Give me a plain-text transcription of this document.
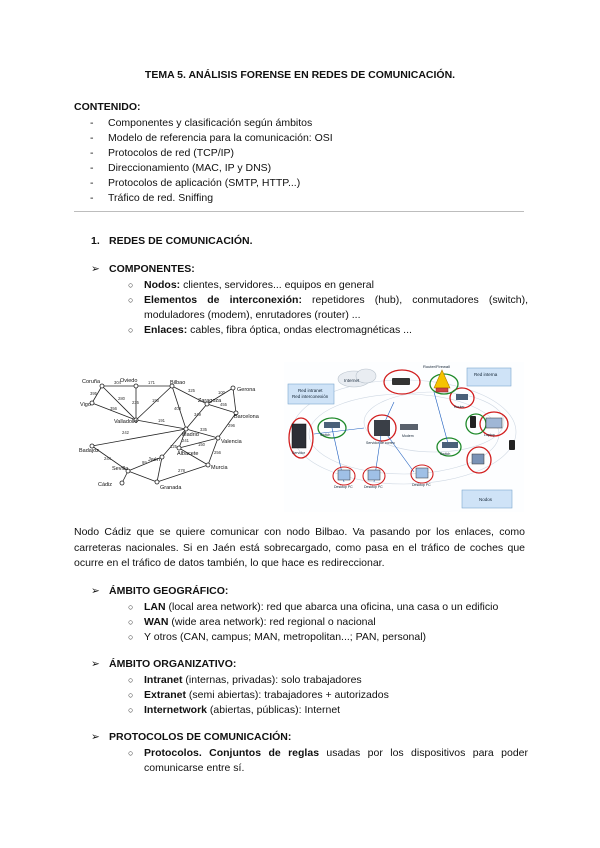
TEMA 5. ANÁLISIS FORENSE EN REDES DE COMUNICACIÓN.
CONTENIDO:
- Componentes y clasificación según ámbitos
- Modelo de referencia para la comunicación: OSI
- Protocolos de red (TCP/IP)
- Direccionamiento (MAC, IP y DNS)
- Protocolos de aplicación (SMTP, HTTP...)
- Tráfico de red. Sniffing
1. REDES DE COMUNICACIÓN.
➢ COMPONENTES:
○ Nodos: clientes, servidores... equipos en general
○ Elementos de interconexión: repetidores (hub), conmutadores (switch), moduladores (modem), enrutadores (router) ...
○ Enlaces: cables, fibra óptica, ondas electromagnéticas ...
Coruña	Oviedo	Bilbao
Vigo
Zaragoza
Gerona
Barcelona
Valladolid
Madrid
Valencia
Badajoz	Albacete
Jaén
Murcia
Sevilla
Cádiz	Granada
304	171
395
356
280
235	193
325	100
455
296
349
403
191
242
335
241
150
256
125
99
244
278
Red intranet
Red interconexión
Red interna
Nodos
Internet
Router/Firewall
Servidor
Switch
Servidor de correo
Modem
Switch
Router
Laptop
Desktop PC	Desktop PC	Desktop PC
Nodo Cádiz que se quiere comunicar con nodo Bilbao. Va pasando por los enlaces, como carreteras nacionales. Si en Jaén está sobrecargado, como pasa en el tráfico de coches que ocurre en el tráfico de datos también, lo que hace es redireccionar.
➢ ÁMBITO GEOGRÁFICO:
○ LAN (local area network): red que abarca una oficina, una casa o un edificio
○ WAN (wide area network): red regional o nacional
○ Y otros (CAN, campus; MAN, metropolitan...; PAN, personal)
➢ ÁMBITO ORGANIZATIVO:
○ Intranet (internas, privadas): solo trabajadores
○ Extranet (semi abiertas): trabajadores + autorizados
○ Internetwork (abiertas, públicas): Internet
➢ PROTOCOLOS DE COMUNICACIÓN:
○ Protocolos. Conjuntos de reglas usadas por los dispositivos para poder comunicarse entre sí.
